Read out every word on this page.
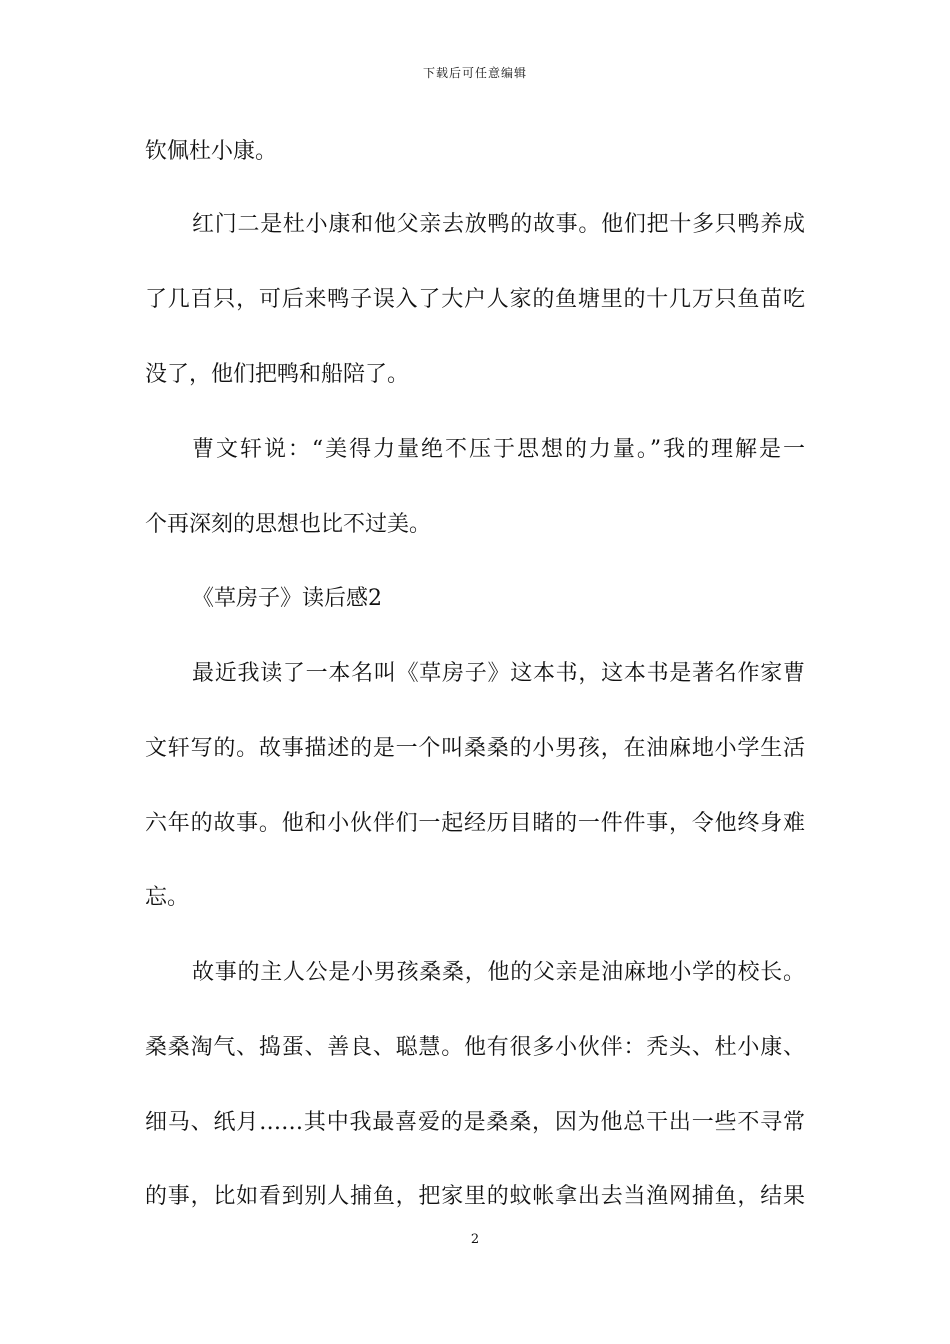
下载后可任意编辑
钦佩杜小康。
红门二是杜小康和他父亲去放鸭的故事。他们把十多只鸭养成
了几百只，可后来鸭子误入了大户人家的鱼塘里的十几万只鱼苗吃
没了，他们把鸭和船陪了。
曹文轩说：“美得力量绝不压于思想的力量。”我的理解是一
个再深刻的思想也比不过美。
《草房子》读后感2
最近我读了一本名叫《草房子》这本书，这本书是著名作家曹
文轩写的。故事描述的是一个叫桑桑的小男孩，在油麻地小学生活
六年的故事。他和小伙伴们一起经历目睹的一件件事，令他终身难
忘。
故事的主人公是小男孩桑桑，他的父亲是油麻地小学的校长。
桑桑淘气、捣蛋、善良、聪慧。他有很多小伙伴：秃头、杜小康、
细马、纸月……其中我最喜爱的是桑桑，因为他总干出一些不寻常
的事，比如看到别人捕鱼，把家里的蚊帐拿出去当渔网捕鱼，结果
2
